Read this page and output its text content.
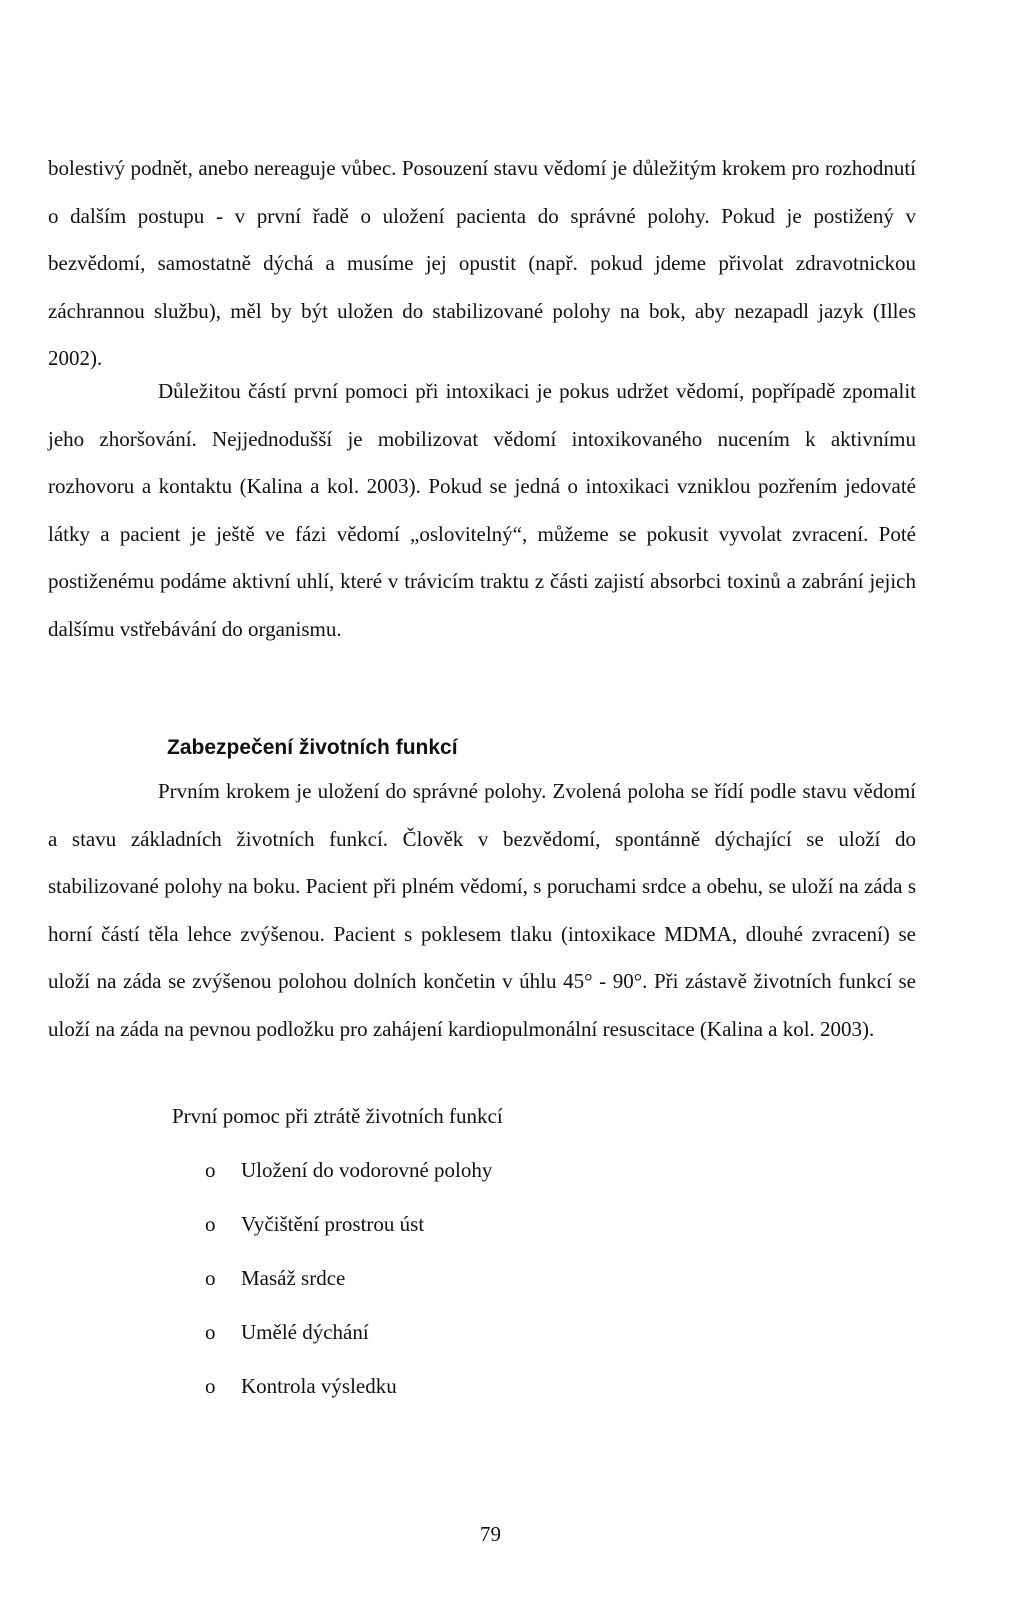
bolestivý podnět, anebo nereaguje vůbec. Posouzení stavu vědomí je důležitým krokem pro rozhodnutí o dalším postupu - v první řadě o uložení pacienta do správné polohy. Pokud je postižený v bezvědomí, samostatně dýchá a musíme jej opustit (např. pokud jdeme přivolat zdravotnickou záchrannou službu), měl by být uložen do stabilizované polohy na bok, aby nezapadl jazyk (Illes 2002).

Důležitou částí první pomoci při intoxikaci je pokus udržet vědomí, popřípadě zpomalit jeho zhoršování. Nejjednodušší je mobilizovat vědomí intoxikovaného nucením k aktivnímu rozhovoru a kontaktu (Kalina a kol. 2003). Pokud se jedná o intoxikaci vzniklou pozřením jedovaté látky a pacient je ještě ve fázi vědomí „oslovitelný“, můžeme se pokusit vyvolat zvracení. Poté postiženému podáme aktivní uhlí, které v trávicím traktu z části zajistí absorbci toxinů a zabrání jejich dalšímu vstřebávání do organismu.

Zabezpečení životních funkcí

Prvním krokem je uložení do správné polohy. Zvolená poloha se řídí podle stavu vědomí a stavu základních životních funkcí. Člověk v bezvědomí, spontánně dýchající se uloží do stabilizované polohy na boku. Pacient při plném vědomí, s poruchami srdce a obehu, se uloží na záda s horní částí těla lehce zvýšenou. Pacient s poklesem tlaku (intoxikace MDMA, dlouhé zvracení) se uloží na záda se zvýšenou polohou dolních končetin v úhlu 45° - 90°. Při zástavě životních funkcí se uloží na záda na pevnou podložku pro zahájení kardiopulmonální resuscitace (Kalina a kol. 2003).

První pomoc při ztrátě životních funkcí

o	Uložení do vodorovné polohy
o	Vyčištění prostrou úst
o	Masáž srdce
o	Umělé dýchání
o	Kontrola výsledku

79
